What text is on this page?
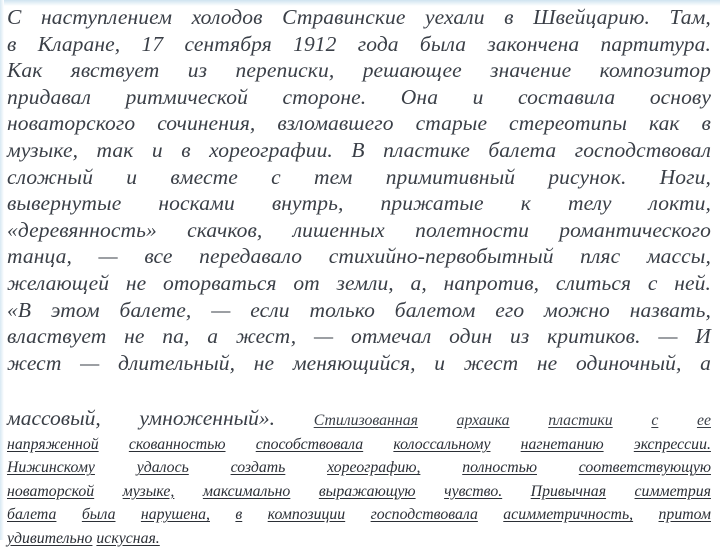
С наступлением холодов Стравинские уехали в Швейцарию. Там,
в Кларане, 17 сентября 1912 года была закончена партитура.
Как явствует из переписки, решающее значение композитор
придавал ритмической стороне. Она и составила основу
новаторского сочинения, взломавшего старые стереотипы как в
музыке, так и в хореографии. В пластике балета господствовал
сложный и вместе с тем примитивный рисунок. Ноги,
вывернутые носками внутрь, прижатые к телу локти,
«деревянность» скачков, лишенных полетности романтического
танца, — все передавало стихийно-первобытный пляс массы,
желающей не оторваться от земли, а, напротив, слиться с ней.
«В этом балете, — если только балетом его можно назвать,
властвует не па, а жест, — отмечал один из критиков. — И
жест — длительный, не меняющийся, и жест не одиночный, а
массовый, умноженный». Стилизованная архаика пластики с ее
напряженной скованностью способствовала колоссальному нагнетанию экспрессии.
Нижинскому	удалось	создать	хореографию,	полностью	соответствующую
новаторской музыке, максимально выражающую чувство. Привычная симметрия
балета была нарушена, в композиции господствовала асимметричность, притом
удивительно
искусная.
